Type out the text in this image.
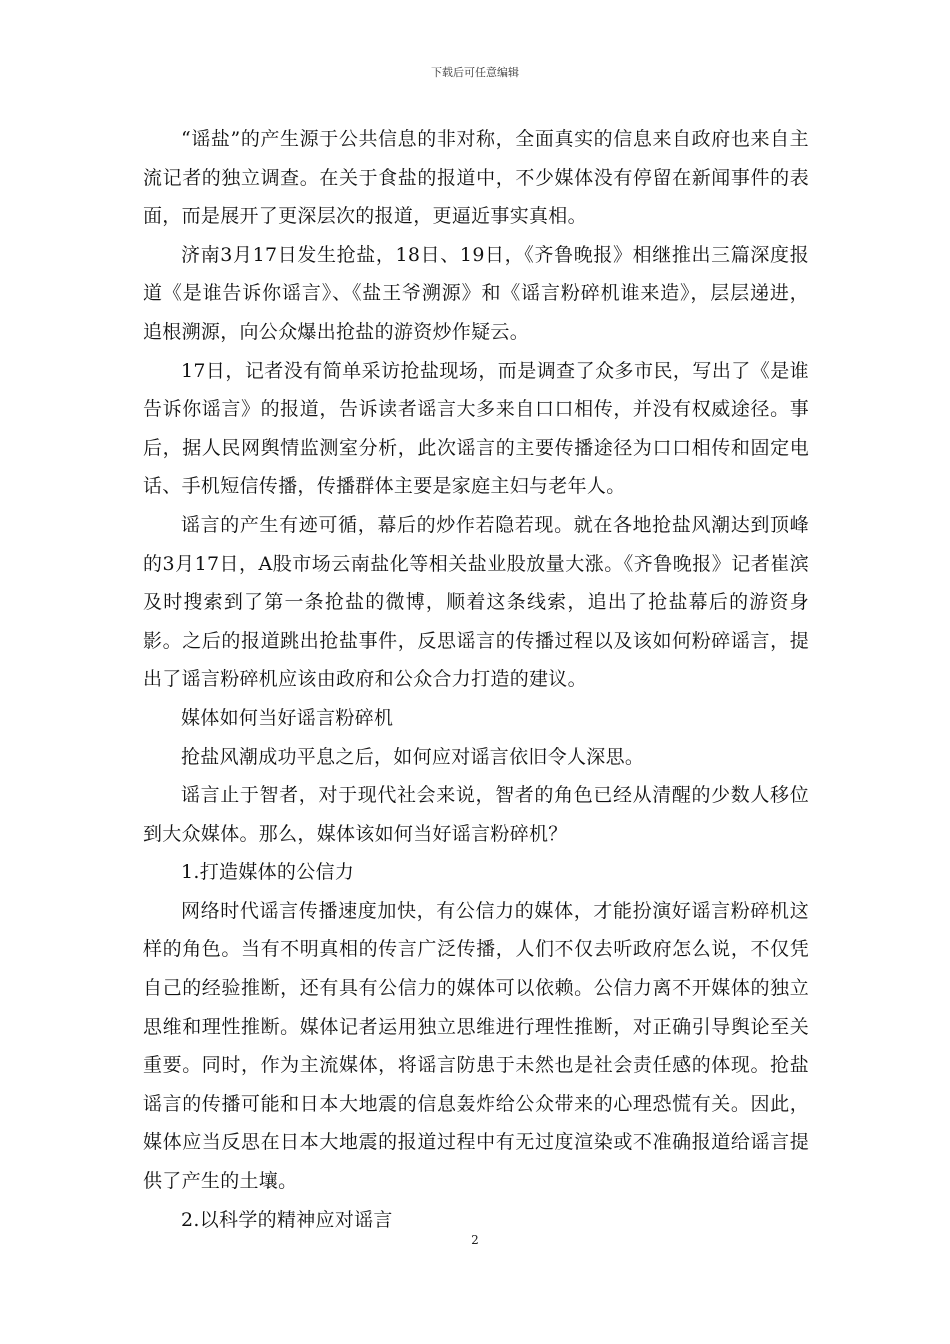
下载后可任意编辑

“谣盐”的产生源于公共信息的非对称，全面真实的信息来自政府也来自主流记者的独立调查。在关于食盐的报道中，不少媒体没有停留在新闻事件的表面，而是展开了更深层次的报道，更逼近事实真相。

济南3月17日发生抢盐，18日、19日，《齐鲁晚报》相继推出三篇深度报道《是谁告诉你谣言》、《盐王爷溯源》和《谣言粉碎机谁来造》，层层递进，追根溯源，向公众爆出抢盐的游资炒作疑云。

17日，记者没有简单采访抢盐现场，而是调查了众多市民，写出了《是谁告诉你谣言》的报道，告诉读者谣言大多来自口口相传，并没有权威途径。事后，据人民网舆情监测室分析，此次谣言的主要传播途径为口口相传和固定电话、手机短信传播，传播群体主要是家庭主妇与老年人。

谣言的产生有迹可循，幕后的炒作若隐若现。就在各地抢盐风潮达到顶峰的3月17日，A股市场云南盐化等相关盐业股放量大涨。《齐鲁晚报》记者崔滨及时搜索到了第一条抢盐的微博，顺着这条线索，追出了抢盐幕后的游资身影。之后的报道跳出抢盐事件，反思谣言的传播过程以及该如何粉碎谣言，提出了谣言粉碎机应该由政府和公众合力打造的建议。

媒体如何当好谣言粉碎机

抢盐风潮成功平息之后，如何应对谣言依旧令人深思。

谣言止于智者，对于现代社会来说，智者的角色已经从清醒的少数人移位到大众媒体。那么，媒体该如何当好谣言粉碎机？

1.打造媒体的公信力

网络时代谣言传播速度加快，有公信力的媒体，才能扮演好谣言粉碎机这样的角色。当有不明真相的传言广泛传播，人们不仅去听政府怎么说，不仅凭自己的经验推断，还有具有公信力的媒体可以依赖。公信力离不开媒体的独立思维和理性推断。媒体记者运用独立思维进行理性推断，对正确引导舆论至关重要。同时，作为主流媒体，将谣言防患于未然也是社会责任感的体现。抢盐谣言的传播可能和日本大地震的信息轰炸给公众带来的心理恐慌有关。因此，媒体应当反思在日本大地震的报道过程中有无过度渲染或不准确报道给谣言提供了产生的土壤。

2.以科学的精神应对谣言

2
